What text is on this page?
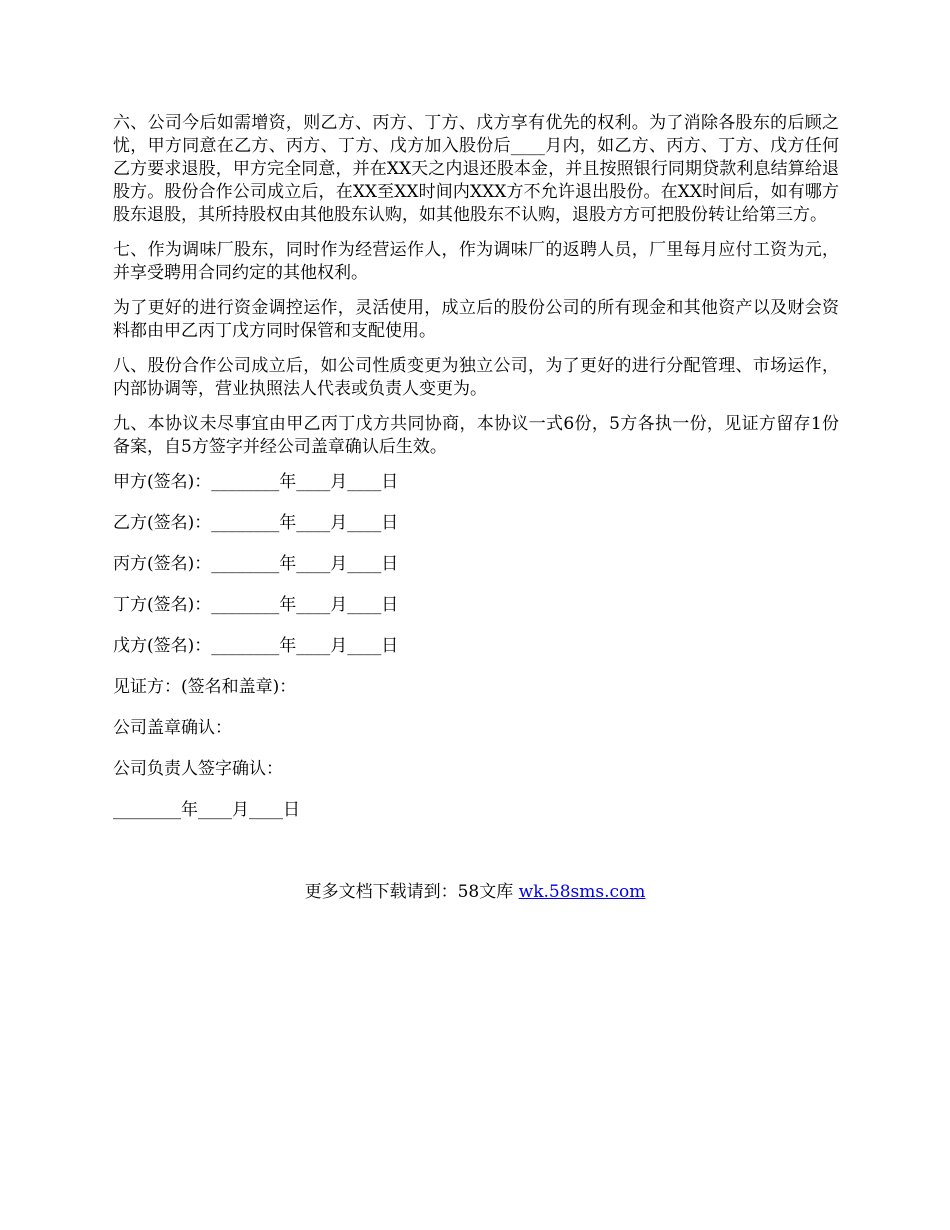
六、公司今后如需增资，则乙方、丙方、丁方、戊方享有优先的权利。为了消除各股东的后顾之忧，甲方同意在乙方、丙方、丁方、戊方加入股份后____月内，如乙方、丙方、丁方、戊方任何乙方要求退股，甲方完全同意，并在XX天之内退还股本金，并且按照银行同期贷款利息结算给退股方。股份合作公司成立后，在XX至XX时间内XXX方不允许退出股份。在XX时间后，如有哪方股东退股，其所持股权由其他股东认购，如其他股东不认购，退股方方可把股份转让给第三方。

七、作为调味厂股东，同时作为经营运作人，作为调味厂的返聘人员，厂里每月应付工资为元，并享受聘用合同约定的其他权利。

为了更好的进行资金调控运作，灵活使用，成立后的股份公司的所有现金和其他资产以及财会资料都由甲乙丙丁戊方同时保管和支配使用。

八、股份合作公司成立后，如公司性质变更为独立公司，为了更好的进行分配管理、市场运作，内部协调等，营业执照法人代表或负责人变更为。

九、本协议未尽事宜由甲乙丙丁戊方共同协商，本协议一式6份，5方各执一份，见证方留存1份备案，自5方签字并经公司盖章确认后生效。

甲方(签名)：________年____月____日
乙方(签名)：________年____月____日
丙方(签名)：________年____月____日
丁方(签名)：________年____月____日
戊方(签名)：________年____月____日
见证方：(签名和盖章)：
公司盖章确认：
公司负责人签字确认：
________年____月____日
更多文档下载请到：58文库 wk.58sms.com
